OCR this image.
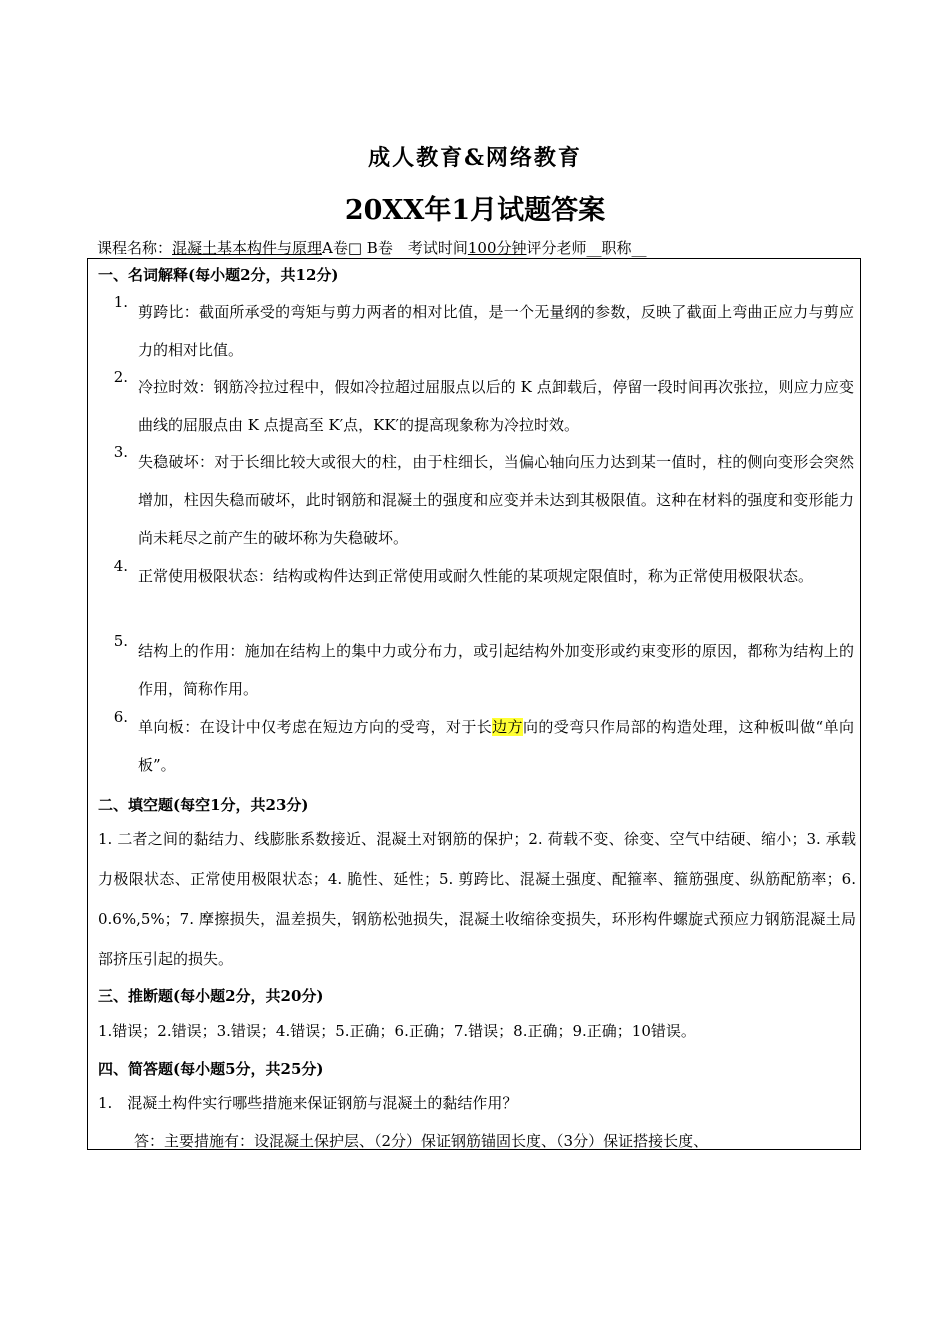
成人教育&网络教育
20XX年1月试题答案
课程名称：混凝土基本构件与原理A卷□ B卷　 考试时间100分钟评分老师__职称__
一、名词解释(每小题2分，共12分)
1.
剪跨比：截面所承受的弯矩与剪力两者的相对比值，是一个无量纲的参数，反映了截面上弯曲正应力与剪应力的相对比值。
2.
冷拉时效：钢筋冷拉过程中，假如冷拉超过屈服点以后的 K 点卸载后，停留一段时间再次张拉，则应力应变曲线的屈服点由 K 点提高至 K′点，KK′的提高现象称为冷拉时效。
3.
失稳破坏：对于长细比较大或很大的柱，由于柱细长，当偏心轴向压力达到某一值时，柱的侧向变形会突然增加，柱因失稳而破坏，此时钢筋和混凝土的强度和应变并未达到其极限值。这种在材料的强度和变形能力尚未耗尽之前产生的破坏称为失稳破坏。
4.
正常使用极限状态：结构或构件达到正常使用或耐久性能的某项规定限值时，称为正常使用极限状态。
5.
结构上的作用：施加在结构上的集中力或分布力，或引起结构外加变形或约束变形的原因，都称为结构上的作用，简称作用。
6.
单向板：在设计中仅考虑在短边方向的受弯，对于长边方向的受弯只作局部的构造处理，这种板叫做“单向板”。
二、填空题(每空1分，共23分)
1. 二者之间的黏结力、线膨胀系数接近、混凝土对钢筋的保护；2. 荷载不变、徐变、空气中结硬、缩小；3. 承载力极限状态、正常使用极限状态；4. 脆性、延性；5. 剪跨比、混凝土强度、配箍率、箍筋强度、纵筋配筋率；6. 0.6%,5%；7. 摩擦损失，温差损失，钢筋松弛损失，混凝土收缩徐变损失，环形构件螺旋式预应力钢筋混凝土局部挤压引起的损失。
三、推断题(每小题2分，共20分)
1.错误；2.错误；3.错误；4.错误；5.正确；6.正确；7.错误；8.正确；9.正确；10错误。
四、简答题(每小题5分，共25分)
1.　混凝土构件实行哪些措施来保证钢筋与混凝土的黏结作用？
答：主要措施有：设混凝土保护层、（2分）保证钢筋锚固长度、（3分）保证搭接长度、
